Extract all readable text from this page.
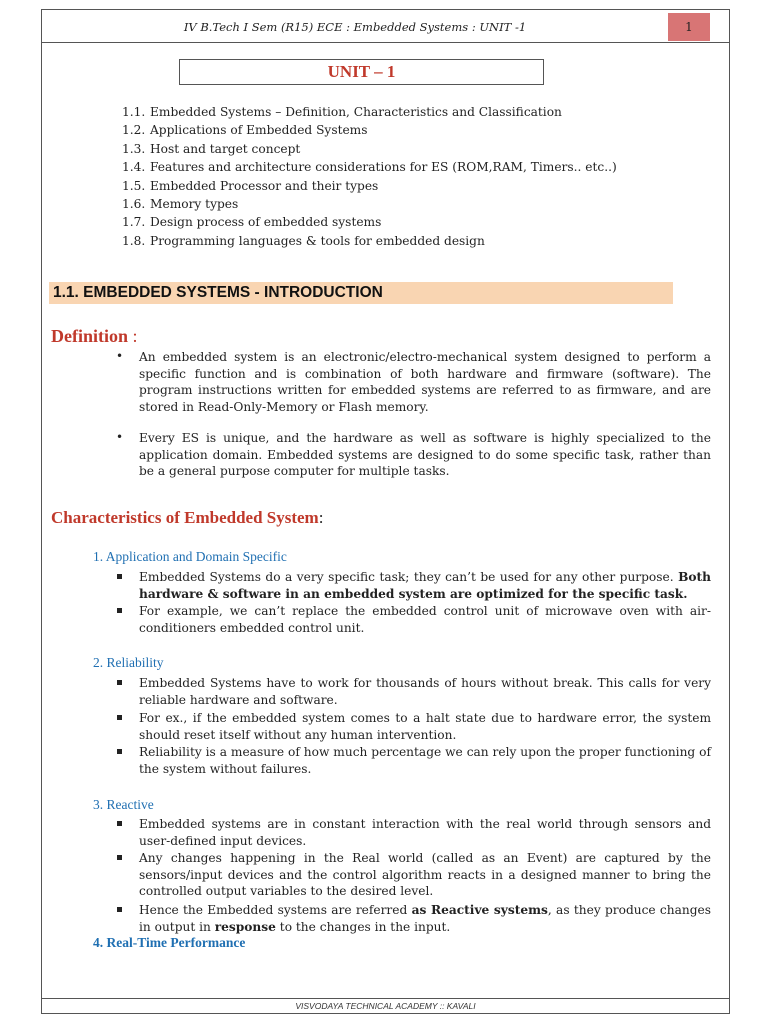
IV B.Tech I Sem (R15) ECE : Embedded Systems : UNIT -1	1
VISVODAYA TECHNICAL ACADEMY :: KAVALI
UNIT – 1
1.1. Embedded Systems – Definition, Characteristics and Classification
1.2. Applications of Embedded Systems
1.3. Host and target concept
1.4. Features and architecture considerations for ES (ROM,RAM, Timers.. etc..)
1.5. Embedded Processor and their types
1.6. Memory types
1.7. Design process of embedded systems
1.8. Programming languages & tools for embedded design
1.1. EMBEDDED SYSTEMS - INTRODUCTION
Definition :
• An embedded system is an electronic/electro-mechanical system designed to perform a specific function and is combination of both hardware and firmware (software). The program instructions written for embedded systems are referred to as firmware, and are stored in Read-Only-Memory or Flash memory.
• Every ES is unique, and the hardware as well as software is highly specialized to the application domain. Embedded systems are designed to do some specific task, rather than be a general purpose computer for multiple tasks.
Characteristics of Embedded System:
1. Application and Domain Specific
Embedded Systems do a very specific task; they can’t be used for any other purpose. Both hardware & software in an embedded system are optimized for the specific task.
For example, we can’t replace the embedded control unit of microwave oven with air-conditioners embedded control unit.
2. Reliability
Embedded Systems have to work for thousands of hours without break. This calls for very reliable hardware and software.
For ex., if the embedded system comes to a halt state due to hardware error, the system should reset itself without any human intervention.
Reliability is a measure of how much percentage we can rely upon the proper functioning of the system without failures.
3. Reactive
Embedded systems are in constant interaction with the real world through sensors and user-defined input devices.
Any changes happening in the Real world (called as an Event) are captured by the sensors/input devices and the control algorithm reacts in a designed manner to bring the controlled output variables to the desired level.
Hence the Embedded systems are referred as Reactive systems, as they produce changes in output in response to the changes in the input.
4. Real-Time Performance
